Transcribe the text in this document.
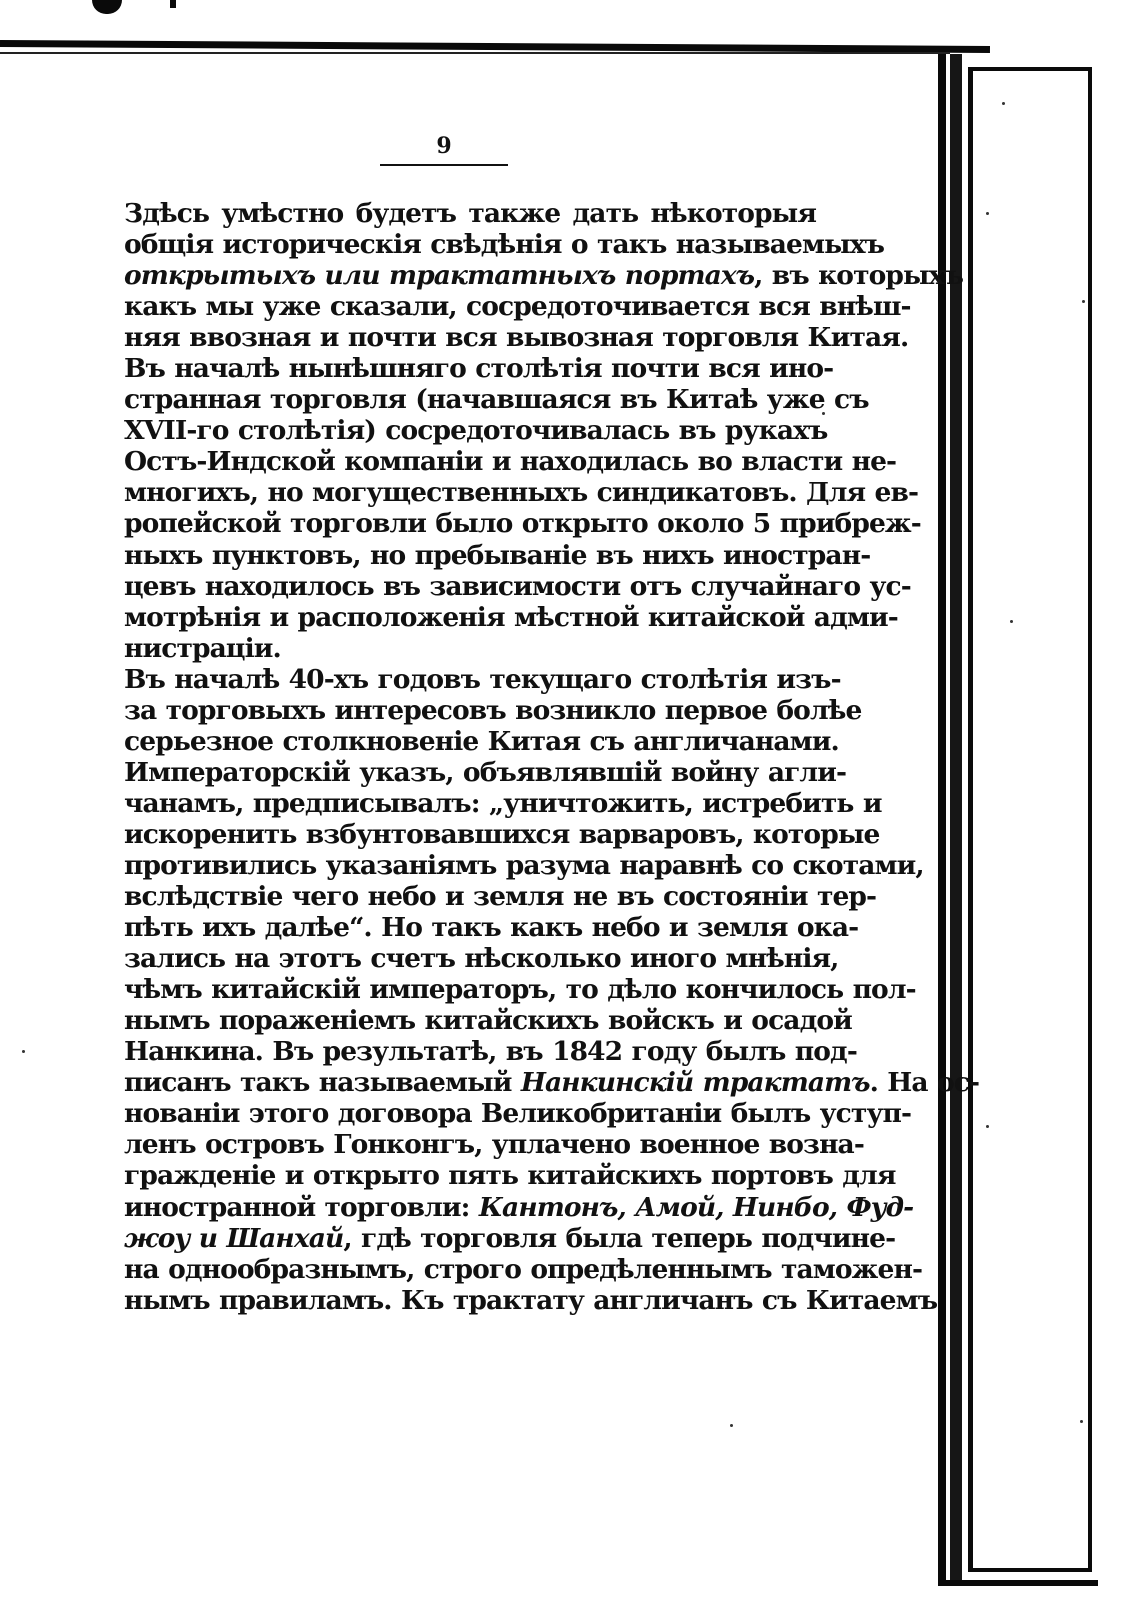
9
Здѣсь умѣстно будетъ также дать нѣкоторыя
общія историческія свѣдѣнія о такъ называемыхъ
открытыхъ или трактатныхъ портахъ, въ которыхъ
какъ мы уже сказали, сосредоточивается вся внѣш-
няя ввозная и почти вся вывозная торговля Китая.
Въ началѣ нынѣшняго столѣтія почти вся ино-
странная торговля (начавшаяся въ Китаѣ уже съ
XVII-го столѣтія) сосредоточивалась въ рукахъ
Остъ-Индской компаніи и находилась во власти не-
многихъ, но могущественныхъ синдикатовъ. Для ев-
ропейской торговли было открыто около 5 прибреж-
ныхъ пунктовъ, но пребываніе въ нихъ иностран-
цевъ находилось въ зависимости отъ случайнаго ус-
мотрѣнія и расположенія мѣстной китайской адми-
нистраціи.
Въ началѣ 40-хъ годовъ текущаго столѣтія изъ-
за торговыхъ интересовъ возникло первое болѣе
серьезное столкновеніе Китая съ англичанами.
Императорскій указъ, объявлявшій войну агли-
чанамъ, предписывалъ: „уничтожить, истребить и
искоренить взбунтовавшихся варваровъ, которые
противились указаніямъ разума наравнѣ со скотами,
вслѣдствіе чего небо и земля не въ состояніи тер-
пѣть ихъ далѣе“. Но такъ какъ небо и земля ока-
зались на этотъ счетъ нѣсколько иного мнѣнія,
чѣмъ китайскій императоръ, то дѣло кончилось пол-
нымъ пораженіемъ китайскихъ войскъ и осадой
Нанкина. Въ результатѣ, въ 1842 году былъ под-
писанъ такъ называемый Нанкинскій трактатъ. На ос-
нованіи этого договора Великобританіи былъ уступ-
ленъ островъ Гонконгъ, уплачено военное возна-
гражденіе и открыто пять китайскихъ портовъ для
иностранной торговли: Кантонъ, Амой, Нинбо, Фуд-
жоу и Шанхай, гдѣ торговля была теперь подчине-
на однообразнымъ, строго опредѣленнымъ таможен-
нымъ правиламъ. Къ трактату англичанъ съ Китаемъ
